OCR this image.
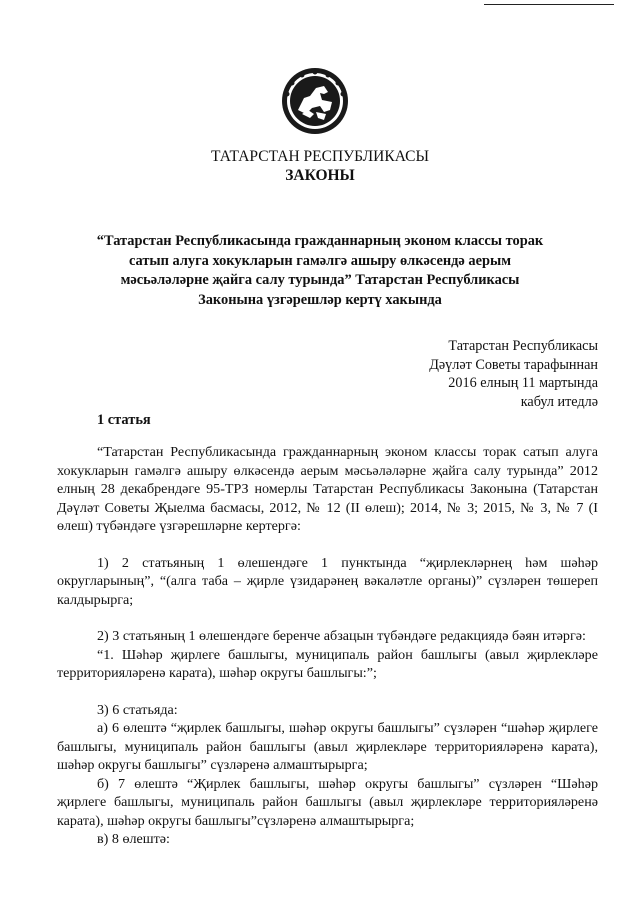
ТАТАРСТАН РЕСПУБЛИКАСЫ
ЗАКОНЫ
“Татарстан Республикасында гражданнарның эконом классы торак
сатып алуга хокукларын гамәлгә ашыру өлкәсендә аерым
мәсьәләләрне җайга салу турында” Татарстан Республикасы
Законына үзгәрешләр кертү хакында
Татарстан Республикасы
Дәүләт Советы тарафыннан
2016 елның 11 мартында
кабул итедлә
1 статья

“Татарстан Республикасында гражданнарның эконом классы торак сатып алуга хокукларын гамәлгә ашыру өлкәсендә аерым мәсьәләләрне җайга салу турында” 2012 елның 28 декабрендәге 95-ТРЗ номерлы Татарстан Республикасы Законына (Татарстан Дәүләт Советы Җыелма басмасы, 2012, № 12 (II өлеш); 2014, № 3; 2015, № 3, № 7 (I өлеш) түбәндәге үзгәрешләрне кертергә:

1) 2 статьяның 1 өлешендәге 1 пунктында “җирлекләрнең һәм шәһәр округларының”, “(алга таба – җирле үзидарәнең вәкаләтле органы)” сүзләрен төшереп калдырырга;

2) 3 статьяның 1 өлешендәге беренче абзацын түбәндәге редакциядә бәян итәргә:

“1. Шәһәр җирлеге башлыгы, муниципаль район башлыгы (авыл җирлекләре территорияләренә карата), шәһәр округы башлыгы:”;

3) 6 статьяда:

а) 6 өлештә “җирлек башлыгы, шәһәр округы башлыгы” сүзләрен “шәһәр җирлеге башлыгы, муниципаль район башлыгы (авыл җирлекләре территорияләренә карата), шәһәр округы башлыгы” сүзләренә алмаштырырга;

б) 7 өлештә “Җирлек башлыгы, шәһәр округы башлыгы” сүзләрен “Шәһәр җирлеге башлыгы, муниципаль район башлыгы (авыл җирлекләре территорияләренә карата), шәһәр округы башлыгы”сүзләренә алмаштырырга;

в) 8 өлештә:
